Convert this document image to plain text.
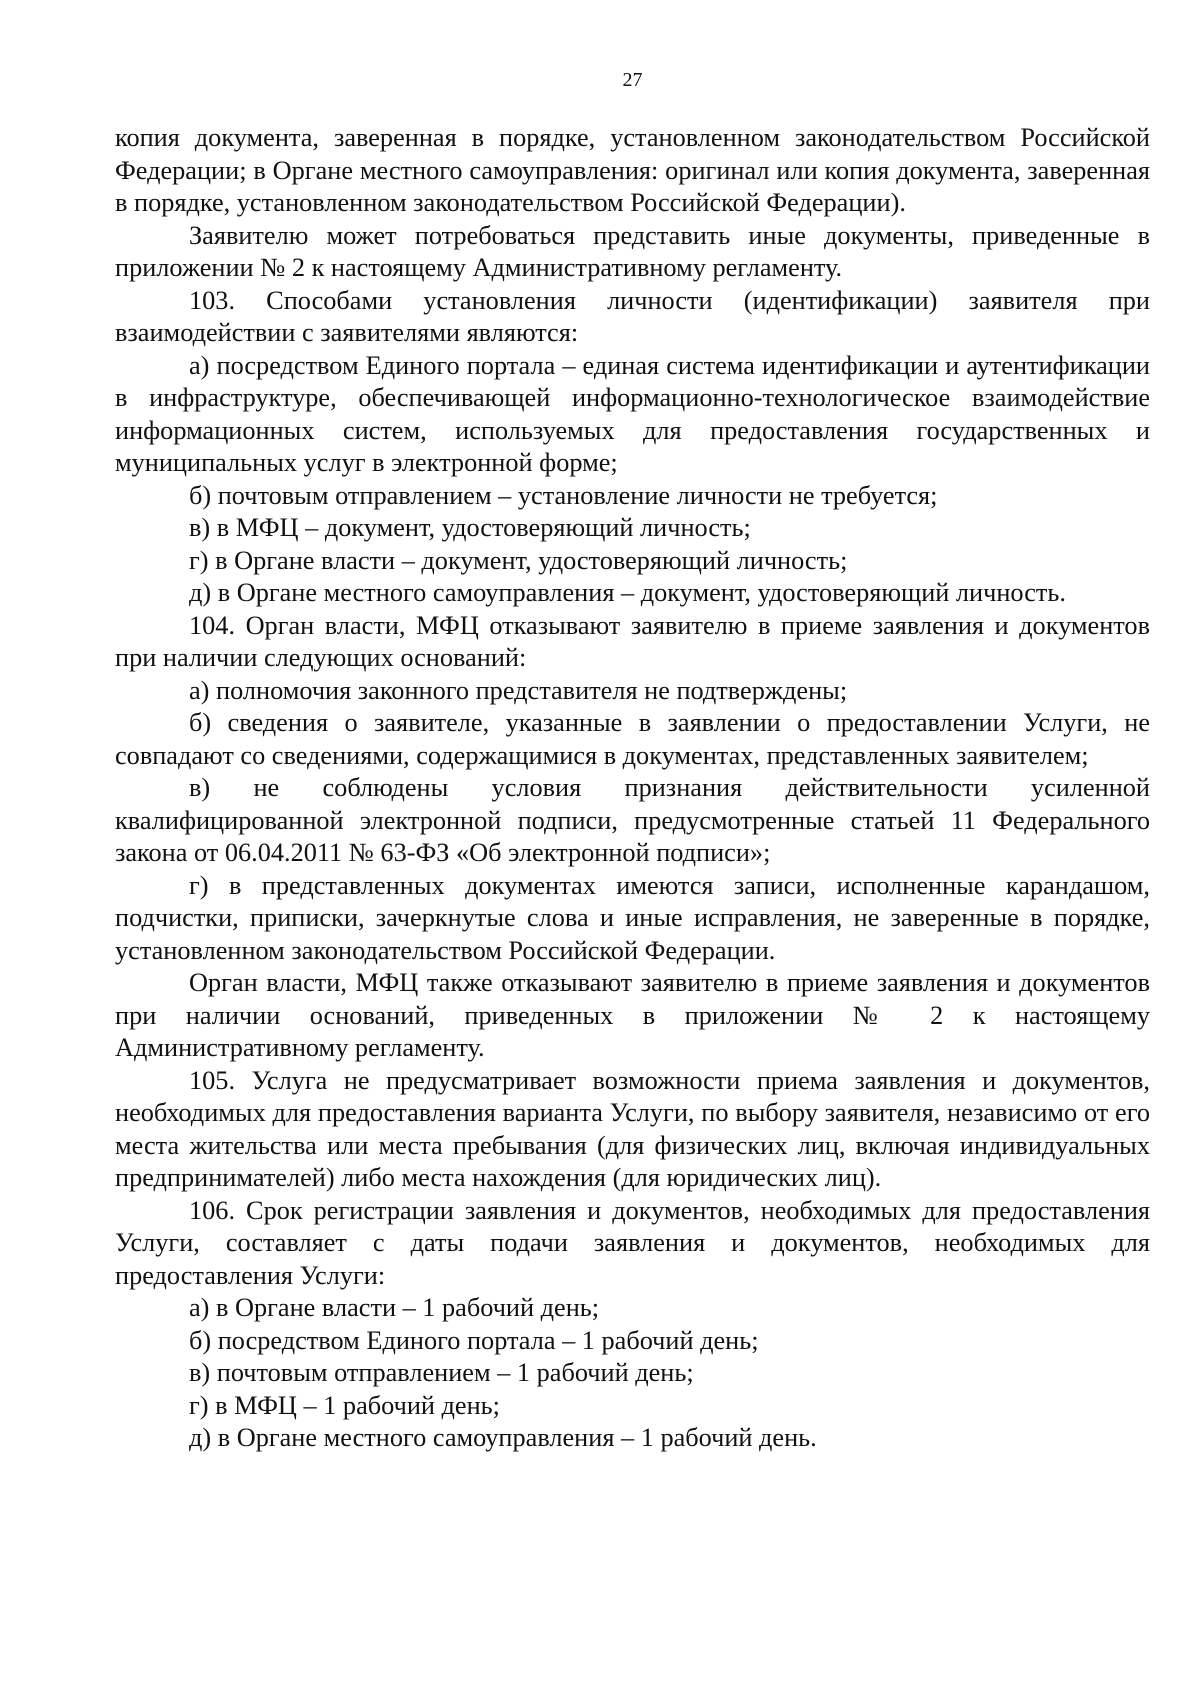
27

копия документа, заверенная в порядке, установленном законодательством Российской Федерации; в Органе местного самоуправления: оригинал или копия документа, заверенная в порядке, установленном законодательством Российской Федерации).

Заявителю может потребоваться представить иные документы, приведенные в приложении № 2 к настоящему Административному регламенту.

103. Способами установления личности (идентификации) заявителя при взаимодействии с заявителями являются:

а) посредством Единого портала – единая система идентификации и аутентификации в инфраструктуре, обеспечивающей информационно-технологическое взаимодействие информационных систем, используемых для предоставления государственных и муниципальных услуг в электронной форме;

б) почтовым отправлением – установление личности не требуется;

в) в МФЦ – документ, удостоверяющий личность;

г) в Органе власти – документ, удостоверяющий личность;

д) в Органе местного самоуправления – документ, удостоверяющий личность.

104. Орган власти, МФЦ отказывают заявителю в приеме заявления и документов при наличии следующих оснований:

а) полномочия законного представителя не подтверждены;

б) сведения о заявителе, указанные в заявлении о предоставлении Услуги, не совпадают со сведениями, содержащимися в документах, представленных заявителем;

в) не соблюдены условия признания действительности усиленной квалифицированной электронной подписи, предусмотренные статьей 11 Федерального закона от 06.04.2011 № 63-ФЗ «Об электронной подписи»;

г) в представленных документах имеются записи, исполненные карандашом, подчистки, приписки, зачеркнутые слова и иные исправления, не заверенные в порядке, установленном законодательством Российской Федерации.

Орган власти, МФЦ также отказывают заявителю в приеме заявления и документов при наличии оснований, приведенных в приложении № 2 к настоящему Административному регламенту.

105. Услуга не предусматривает возможности приема заявления и документов, необходимых для предоставления варианта Услуги, по выбору заявителя, независимо от его места жительства или места пребывания (для физических лиц, включая индивидуальных предпринимателей) либо места нахождения (для юридических лиц).

106. Срок регистрации заявления и документов, необходимых для предоставления Услуги, составляет с даты подачи заявления и документов, необходимых для предоставления Услуги:

а) в Органе власти – 1 рабочий день;

б) посредством Единого портала – 1 рабочий день;

в) почтовым отправлением – 1 рабочий день;

г) в МФЦ – 1 рабочий день;

д) в Органе местного самоуправления – 1 рабочий день.
